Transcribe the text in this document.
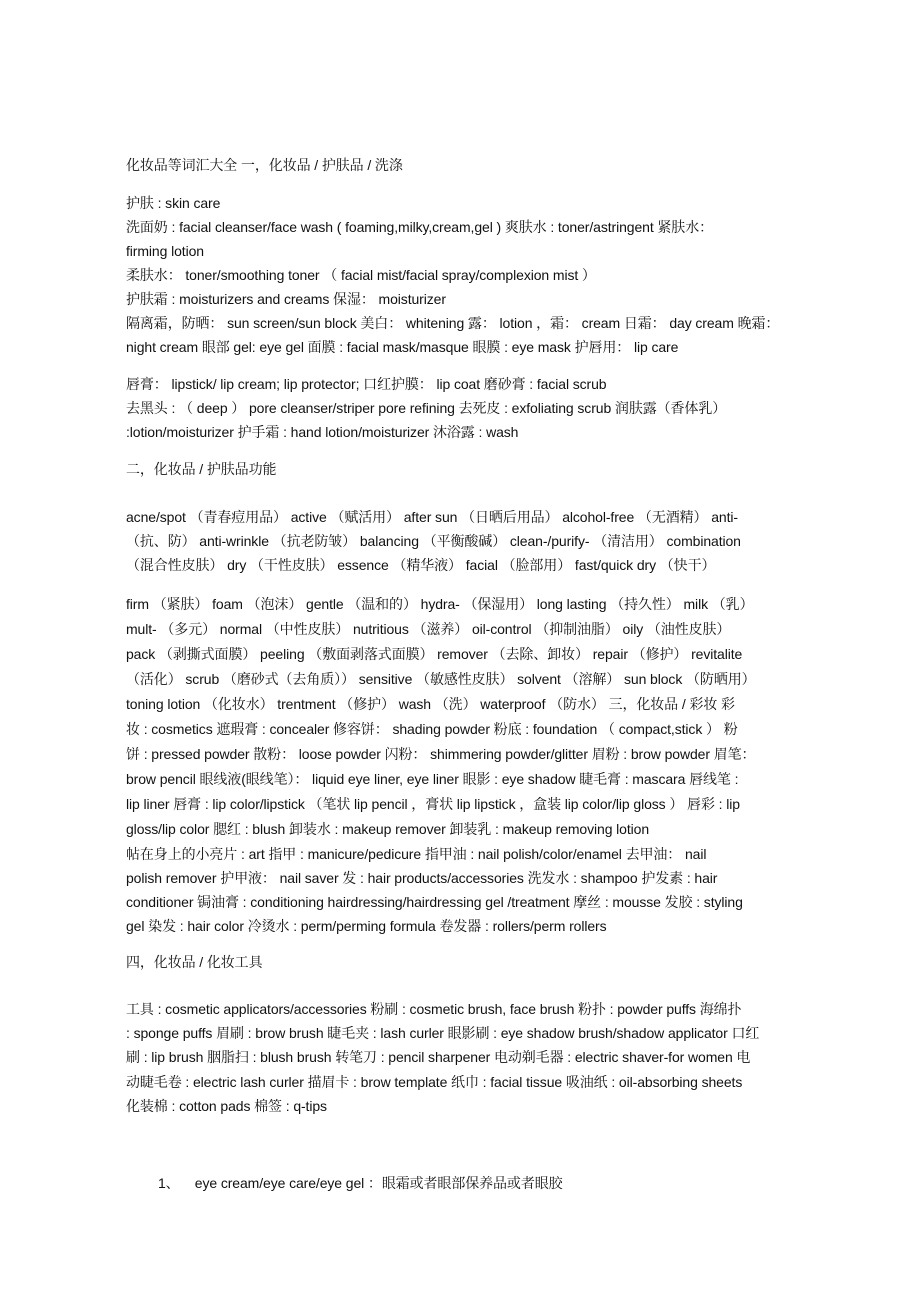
化妆品等词汇大全 一，化妆品 / 护肤品 / 洗涤
护肤 : skin care
洗面奶 : facial cleanser/face wash ( foaming,milky,cream,gel ) 爽肤水 : toner/astringent 紧肤水：
firming lotion
柔肤水： toner/smoothing toner （ facial mist/facial spray/complexion mist ）
护肤霜 : moisturizers and creams 保湿： moisturizer
隔离霜，防晒： sun screen/sun block 美白： whitening 露： lotion ，霜： cream 日霜： day cream 晚霜：
night cream 眼部 gel: eye gel 面膜 : facial mask/masque 眼膜 : eye mask 护唇用： lip care
唇膏： lipstick/ lip cream; lip protector; 口红护膜： lip coat 磨砂膏 : facial scrub
去黑头 : （ deep ） pore cleanser/striper pore refining 去死皮 : exfoliating scrub 润肤露（香体乳）
:lotion/moisturizer 护手霜 : hand lotion/moisturizer 沐浴露 : wash
二，化妆品 / 护肤品功能
acne/spot （青春痘用品） active （赋活用） after sun （日晒后用品） alcohol-free （无酒精） anti-
（抗、防） anti-wrinkle （抗老防皱） balancing （平衡酸碱） clean-/purify- （清洁用） combination
（混合性皮肤） dry （干性皮肤） essence （精华液） facial （脸部用） fast/quick dry （快干）
firm （紧肤） foam （泡沫） gentle （温和的） hydra- （保湿用） long lasting （持久性） milk （乳）
mult- （多元） normal （中性皮肤） nutritious （滋养） oil-control （抑制油脂） oily （油性皮肤）
pack （剥撕式面膜） peeling （敷面剥落式面膜） remover （去除、卸妆） repair （修护） revitalite
（活化） scrub （磨砂式（去角质）） sensitive （敏感性皮肤） solvent （溶解） sun block （防晒用）
toning lotion （化妆水） trentment （修护） wash （洗） waterproof （防水） 三，化妆品 / 彩妆 彩
妆 : cosmetics 遮瑕膏 : concealer 修容饼： shading powder 粉底 : foundation （ compact,stick ） 粉
饼 : pressed powder 散粉： loose powder 闪粉： shimmering powder/glitter 眉粉 : brow powder 眉笔：
brow pencil 眼线液(眼线笔）： liquid eye liner, eye liner 眼影 : eye shadow 睫毛膏 : mascara 唇线笔 :
lip liner 唇膏 : lip color/lipstick （笔状 lip pencil ，膏状 lip lipstick ，盒装 lip color/lip gloss ） 唇彩 : lip
gloss/lip color 腮红 : blush 卸装水 : makeup remover 卸装乳 : makeup removing lotion
帖在身上的小亮片 : art 指甲 : manicure/pedicure 指甲油 : nail polish/color/enamel 去甲油： nail
polish remover 护甲液： nail saver 发 : hair products/accessories 洗发水 : shampoo 护发素 : hair
conditioner 锔油膏 : conditioning hairdressing/hairdressing gel /treatment 摩丝 : mousse 发胶 : styling
gel 染发 : hair color 冷烫水 : perm/perming formula 卷发器 : rollers/perm rollers
四，化妆品 / 化妆工具
工具 : cosmetic applicators/accessories 粉刷 : cosmetic brush, face brush 粉扑 : powder puffs 海绵扑
: sponge puffs 眉刷 : brow brush 睫毛夹 : lash curler 眼影刷 : eye shadow brush/shadow applicator 口红
刷 : lip brush 胭脂扫 : blush brush 转笔刀 : pencil sharpener 电动剃毛器 : electric shaver-for women 电
动睫毛卷 : electric lash curler 描眉卡 : brow template 纸巾 : facial tissue 吸油纸 : oil-absorbing sheets
化装棉 : cotton pads 棉签 : q-tips
1、 eye cream/eye care/eye gel ：眼霜或者眼部保养品或者眼胶
